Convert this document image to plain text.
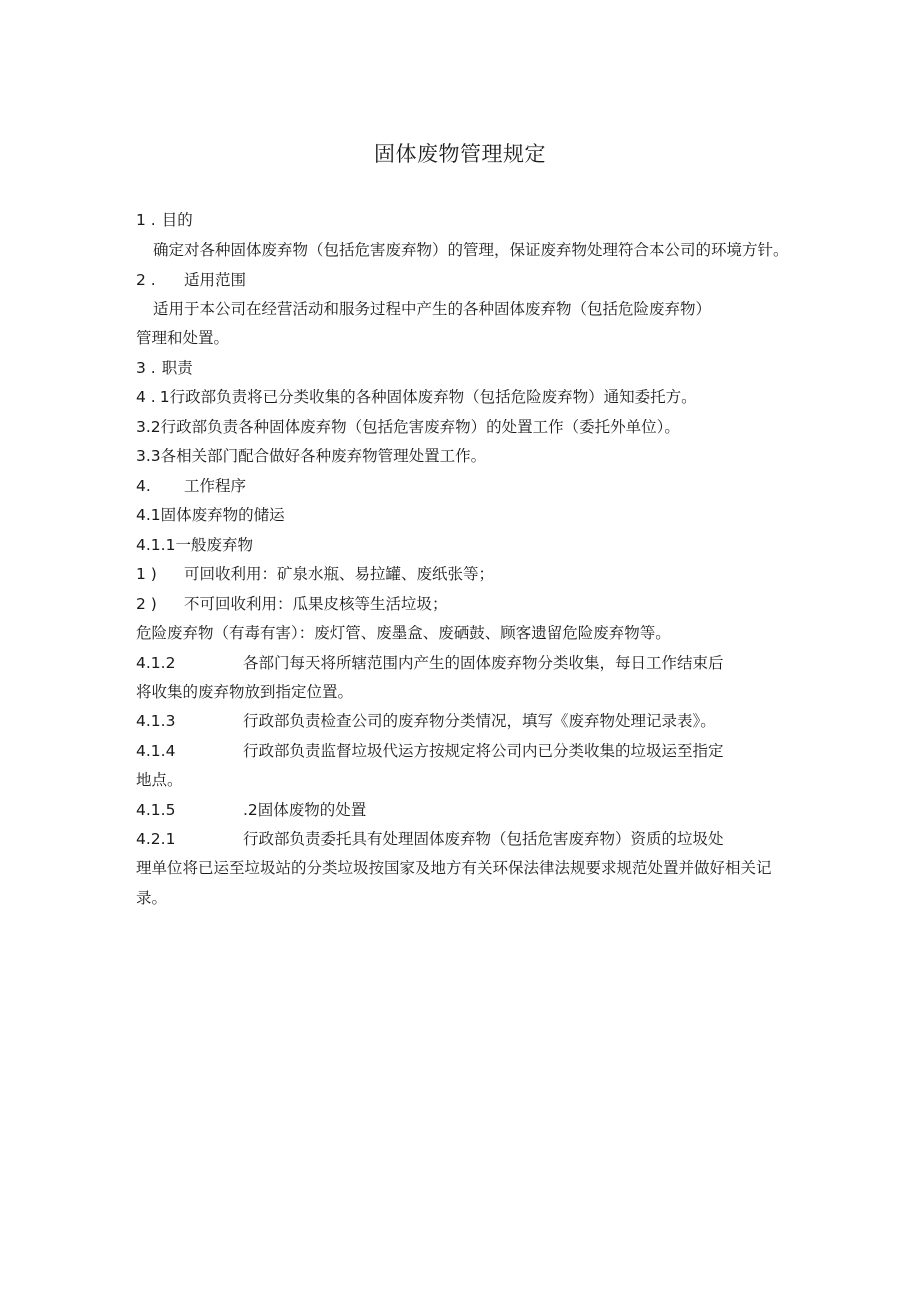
固体废物管理规定
1 . 目的
确定对各种固体废弃物（包括危害废弃物）的管理，保证废弃物处理符合本公司的环境方针。
2 . 适用范围
适用于本公司在经营活动和服务过程中产生的各种固体废弃物（包括危险废弃物）
管理和处置。
3 . 职责
4 . 1行政部负责将已分类收集的各种固体废弃物（包括危险废弃物）通知委托方。
3.2行政部负责各种固体废弃物（包括危害废弃物）的处置工作（委托外单位）。
3.3各相关部门配合做好各种废弃物管理处置工作。
4. 工作程序
4.1固体废弃物的储运
4.1.1一般废弃物
1 ) 可回收利用：矿泉水瓶、易拉罐、废纸张等；
2 ) 不可回收利用：瓜果皮核等生活垃圾；
危险废弃物（有毒有害）：废灯管、废墨盒、废硒鼓、顾客遗留危险废弃物等。
4.1.2	各部门每天将所辖范围内产生的固体废弃物分类收集，每日工作结束后
将收集的废弃物放到指定位置。
4.1.3	行政部负责检查公司的废弃物分类情况，填写《废弃物处理记录表》。
4.1.4	行政部负责监督垃圾代运方按规定将公司内已分类收集的垃圾运至指定
地点。
4.1.5	.2固体废物的处置
4.2.1	行政部负责委托具有处理固体废弃物（包括危害废弃物）资质的垃圾处
理单位将已运至垃圾站的分类垃圾按国家及地方有关环保法律法规要求规范处置并做好相关记
录。
